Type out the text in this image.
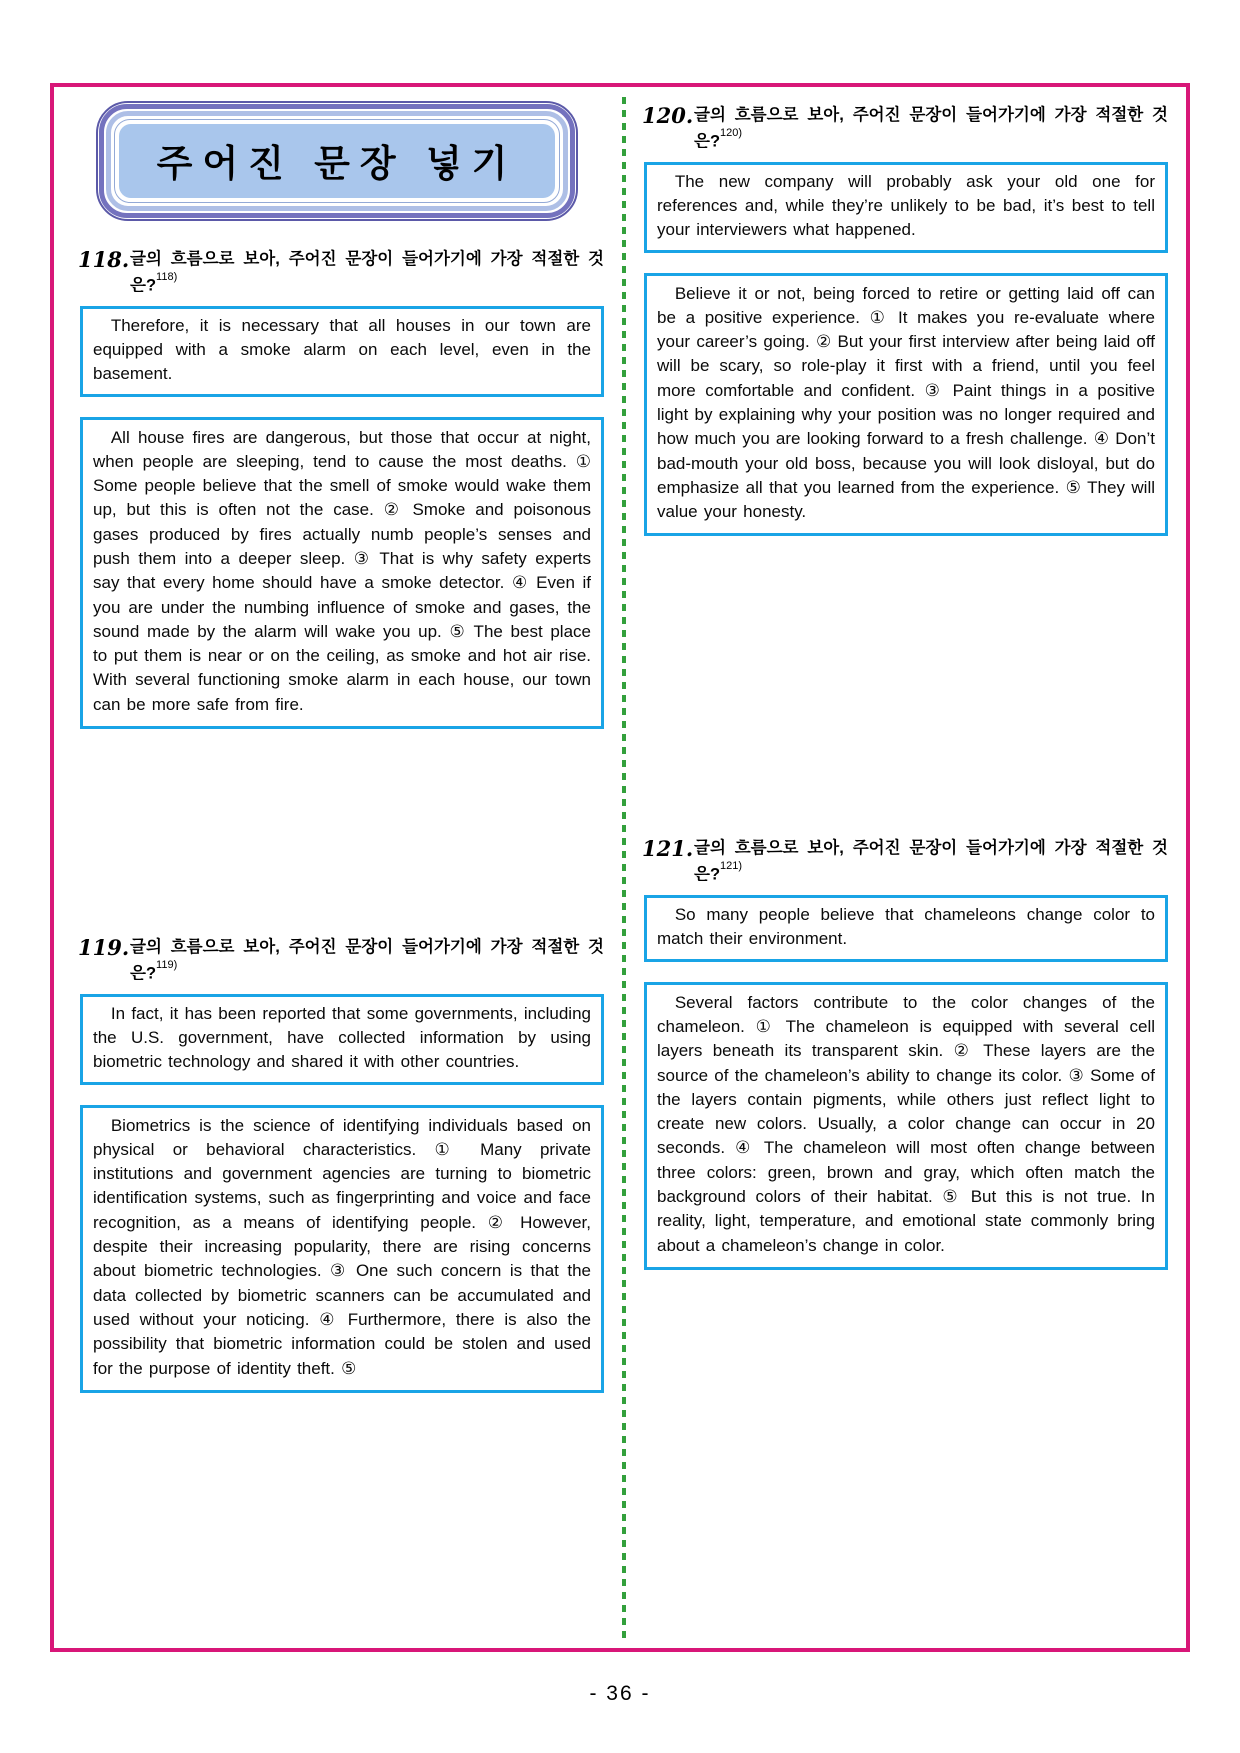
주어진 문장 넣기
118. 글의 흐름으로 보아, 주어진 문장이 들어가기에 가장 적절한 것은?$^{118)}$

Therefore, it is necessary that all houses in our town are equipped with a smoke alarm on each level, even in the basement.

All house fires are dangerous, but those that occur at night, when people are sleeping, tend to cause the most deaths. ① Some people believe that the smell of smoke would wake them up, but this is often not the case. ② Smoke and poisonous gases produced by fires actually numb people’s senses and push them into a deeper sleep. ③ That is why safety experts say that every home should have a smoke detector. ④ Even if you are under the numbing influence of smoke and gases, the sound made by the alarm will wake you up. ⑤ The best place to put them is near or on the ceiling, as smoke and hot air rise. With several functioning smoke alarm in each house, our town can be more safe from fire.

119. 글의 흐름으로 보아, 주어진 문장이 들어가기에 가장 적절한 것은?$^{119)}$

In fact, it has been reported that some governments, including the U.S. government, have collected information by using biometric technology and shared it with other countries.

Biometrics is the science of identifying individuals based on physical or behavioral characteristics. ① Many private institutions and government agencies are turning to biometric identification systems, such as fingerprinting and voice and face recognition, as a means of identifying people. ② However, despite their increasing popularity, there are rising concerns about biometric technologies. ③ One such concern is that the data collected by biometric scanners can be accumulated and used without your noticing. ④ Furthermore, there is also the possibility that biometric information could be stolen and used for the purpose of identity theft. ⑤

120. 글의 흐름으로 보아, 주어진 문장이 들어가기에 가장 적절한 것은?$^{120)}$

The new company will probably ask your old one for references and, while they’re unlikely to be bad, it’s best to tell your interviewers what happened.

Believe it or not, being forced to retire or getting laid off can be a positive experience. ① It makes you re-evaluate where your career’s going. ② But your first interview after being laid off will be scary, so role-play it first with a friend, until you feel more comfortable and confident. ③ Paint things in a positive light by explaining why your position was no longer required and how much you are looking forward to a fresh challenge. ④ Don’t bad-mouth your old boss, because you will look disloyal, but do emphasize all that you learned from the experience. ⑤ They will value your honesty.

121. 글의 흐름으로 보아, 주어진 문장이 들어가기에 가장 적절한 것은?$^{121)}$

So many people believe that chameleons change color to match their environment.

Several factors contribute to the color changes of the chameleon. ① The chameleon is equipped with several cell layers beneath its transparent skin. ② These layers are the source of the chameleon’s ability to change its color. ③ Some of the layers contain pigments, while others just reflect light to create new colors. Usually, a color change can occur in 20 seconds. ④ The chameleon will most often change between three colors: green, brown and gray, which often match the background colors of their habitat. ⑤ But this is not true. In reality, light, temperature, and emotional state commonly bring about a chameleon’s change in color.

- 36 -
